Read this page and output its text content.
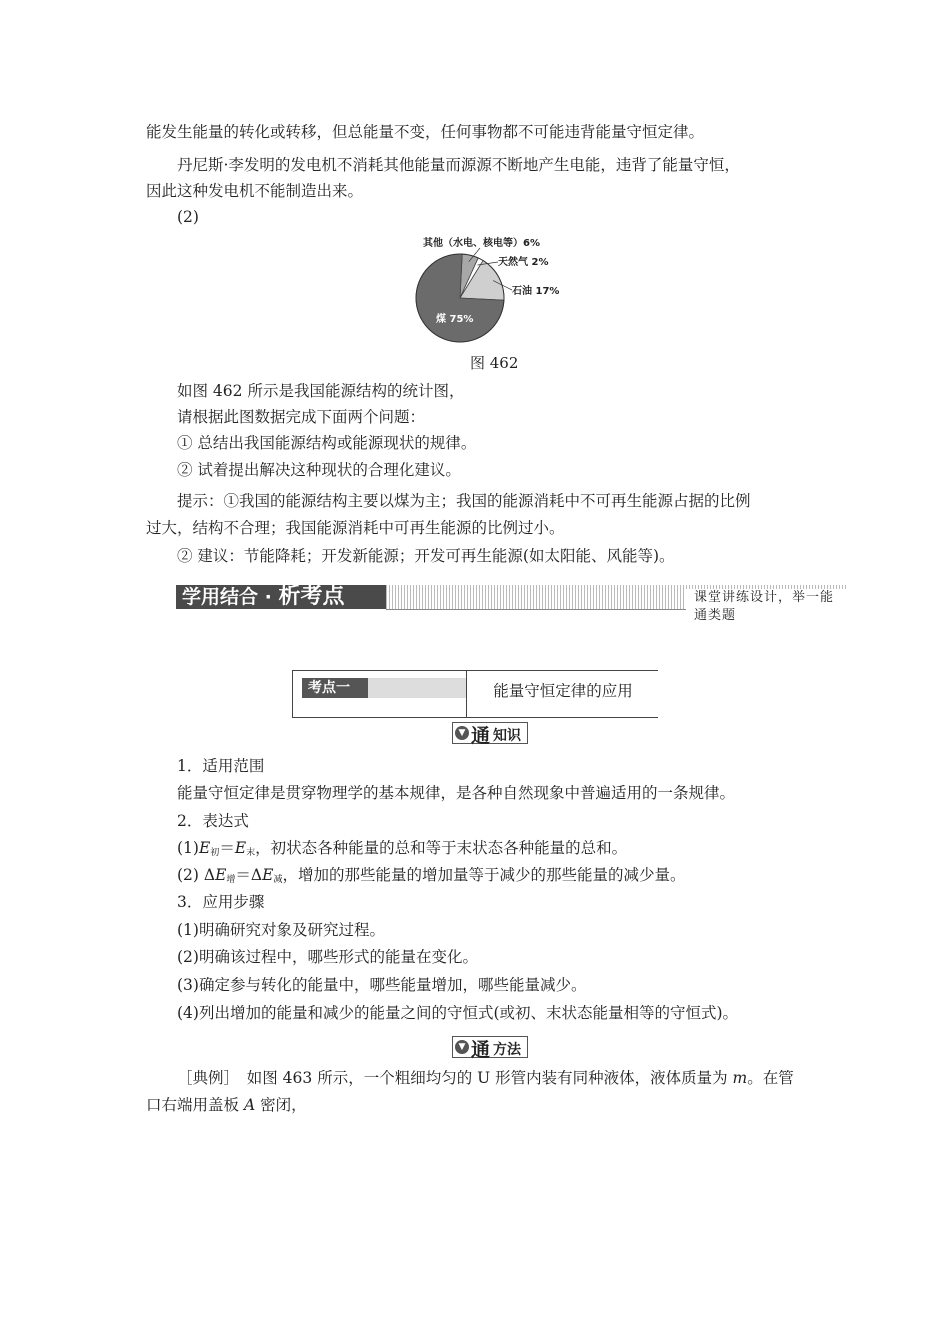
能发生能量的转化或转移，但总能量不变，任何事物都不可能违背能量守恒定律。
丹尼斯·李发明的发电机不消耗其他能量而源源不断地产生电能，违背了能量守恒，
因此这种发电机不能制造出来。
(2)
其他（水电、核电等）6%
天然气 2%
石油 17%
煤 75%
图 462
如图 462 所示是我国能源结构的统计图，
请根据此图数据完成下面两个问题：
① 总结出我国能源结构或能源现状的规律。
② 试着提出解决这种现状的合理化建议。
提示：①我国的能源结构主要以煤为主；我国的能源消耗中不可再生能源占据的比例
过大，结构不合理；我国能源消耗中可再生能源的比例过小。
② 建议：节能降耗；开发新能源；开发可再生能源(如太阳能、风能等)。
学用结合 · 析考点	课堂讲练设计，举一能通类题
考点一	能量守恒定律的应用
▼ 通 知识
1．适用范围
能量守恒定律是贯穿物理学的基本规律，是各种自然现象中普遍适用的一条规律。
2．表达式
$(1)E_初=E_末$，初状态各种能量的总和等于末状态各种能量的总和。
(2) $\Delta E_增=\Delta E_减$，增加的那些能量的增加量等于减少的那些能量的减少量。
3．应用步骤
(1)明确研究对象及研究过程。
(2)明确该过程中，哪些形式的能量在变化。
(3)确定参与转化的能量中，哪些能量增加，哪些能量减少。
(4)列出增加的能量和减少的能量之间的守恒式(或初、末状态能量相等的守恒式)。
▼ 通 方法
［典例］　如图 463 所示，一个粗细均匀的 U 形管内装有同种液体，液体质量为 m。在管
口右端用盖板 A 密闭，
